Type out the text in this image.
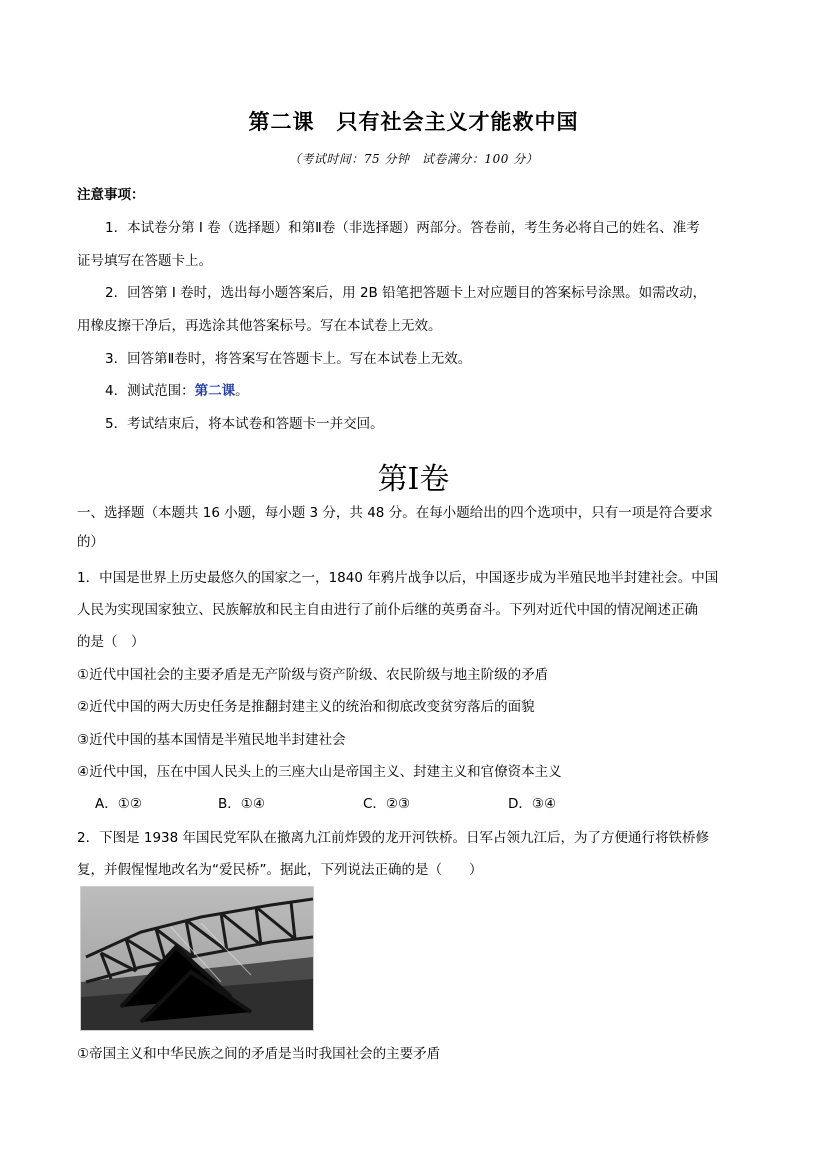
第二课　只有社会主义才能救中国
（考试时间：75 分钟　试卷满分：100 分）
注意事项：
1．本试卷分第 I 卷（选择题）和第Ⅱ卷（非选择题）两部分。答卷前，考生务必将自己的姓名、准考
证号填写在答题卡上。
2．回答第 I 卷时，选出每小题答案后，用 2B 铅笔把答题卡上对应题目的答案标号涂黑。如需改动，
用橡皮擦干净后，再选涂其他答案标号。写在本试卷上无效。
3．回答第Ⅱ卷时，将答案写在答题卡上。写在本试卷上无效。
4．测试范围：第二课。
5．考试结束后，将本试卷和答题卡一并交回。
第I卷
一、选择题（本题共 16 小题，每小题 3 分，共 48 分。在每小题给出的四个选项中，只有一项是符合要求
的）
1．中国是世界上历史最悠久的国家之一，1840 年鸦片战争以后，中国逐步成为半殖民地半封建社会。中国
人民为实现国家独立、民族解放和民主自由进行了前仆后继的英勇奋斗。下列对近代中国的情况阐述正确
的是（　）
①近代中国社会的主要矛盾是无产阶级与资产阶级、农民阶级与地主阶级的矛盾
②近代中国的两大历史任务是推翻封建主义的统治和彻底改变贫穷落后的面貌
③近代中国的基本国情是半殖民地半封建社会
④近代中国，压在中国人民头上的三座大山是帝国主义、封建主义和官僚资本主义
A．①②	B．①④	C．②③	D．③④
2．下图是 1938 年国民党军队在撤离九江前炸毁的龙开河铁桥。日军占领九江后，为了方便通行将铁桥修
复，并假惺惺地改名为“爱民桥”。据此，下列说法正确的是（　　）
①帝国主义和中华民族之间的矛盾是当时我国社会的主要矛盾
